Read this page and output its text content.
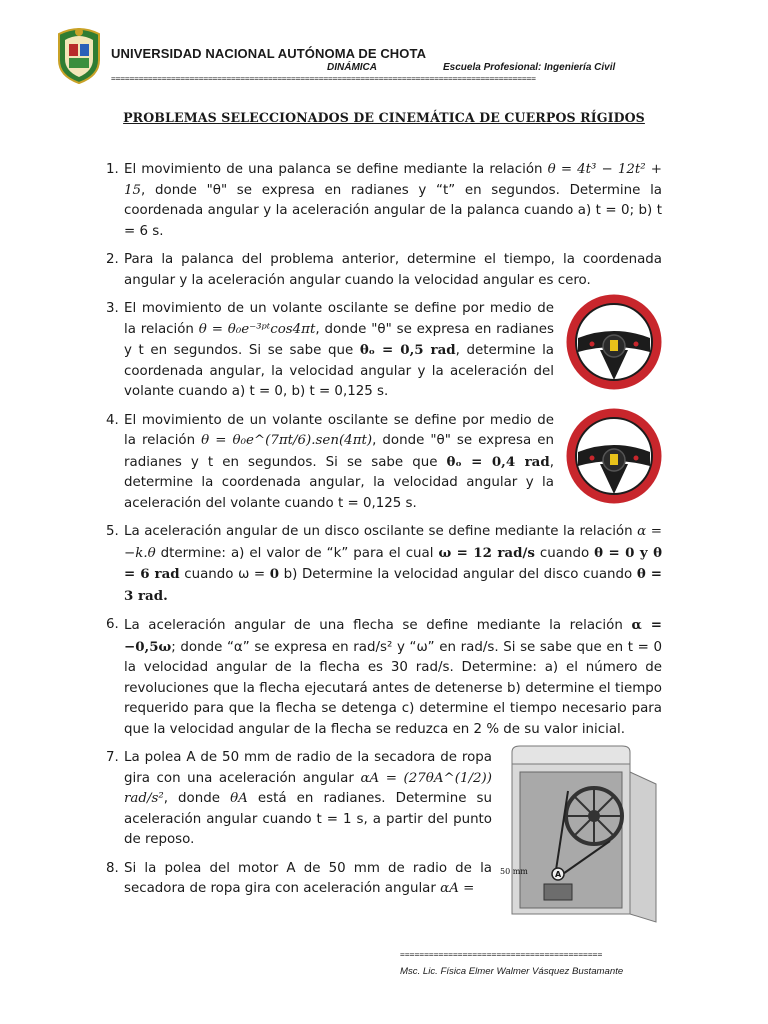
UNIVERSIDAD NACIONAL AUTÓNOMA DE CHOTA
DINÁMICA	Escuela Profesional: Ingeniería Civil
============================================================================================
PROBLEMAS SELECCIONADOS DE CINEMÁTICA DE CUERPOS RÍGIDOS
1. El movimiento de una palanca se define mediante la relación θ = 4t³ − 12t² + 15, donde "θ" se expresa en radianes y “t” en segundos. Determine la coordenada angular y la aceleración angular de la palanca cuando a) t = 0; b) t = 6 s.
2. Para la palanca del problema anterior, determine el tiempo, la coordenada angular y la aceleración angular cuando la velocidad angular es cero.
3. El movimiento de un volante oscilante se define por medio de la relación θ = θ₀e⁻³ᵖᵗcos4πt, donde "θ" se expresa en radianes y t en segundos. Si se sabe que θₒ = 0,5 rad, determine la coordenada angular, la velocidad angular y la aceleración del volante cuando a) t = 0, b) t = 0,125 s.
4. El movimiento de un volante oscilante se define por medio de la relación θ = θ₀e^(7πt/6).sen(4πt), donde "θ" se expresa en radianes y t en segundos. Si se sabe que θₒ = 0,4 rad, determine la coordenada angular, la velocidad angular y la aceleración del volante cuando t = 0,125 s.
5. La aceleración angular de un disco oscilante se define mediante la relación α = −k.θ dtermine: a) el valor de “k” para el cual ω = 12 rad/s cuando θ = 0 y θ = 6 rad cuando ω = 0 b) Determine la velocidad angular del disco cuando θ = 3 rad.
6. La aceleración angular de una flecha se define mediante la relación α = −0,5ω; donde “α” se expresa en rad/s² y “ω” en rad/s. Si se sabe que en t = 0 la velocidad angular de la flecha es 30 rad/s. Determine: a) el número de revoluciones que la flecha ejecutará antes de detenerse b) determine el tiempo requerido para que la flecha se detenga c) determine el tiempo necesario para que la velocidad angular de la flecha se reduzca en 2 % de su valor inicial.
7. La polea A de 50 mm de radio de la secadora de ropa gira con una aceleración angular αA = (27θA^(1/2)) rad/s², donde θA está en radianes. Determine su aceleración angular cuando t = 1 s, a partir del punto de reposo.
8. Si la polea del motor A de 50 mm de radio de la secadora de ropa gira con aceleración angular αA =
50 mm	A
==========================================
Msc. Lic. Física Elmer Walmer Vásquez Bustamante
